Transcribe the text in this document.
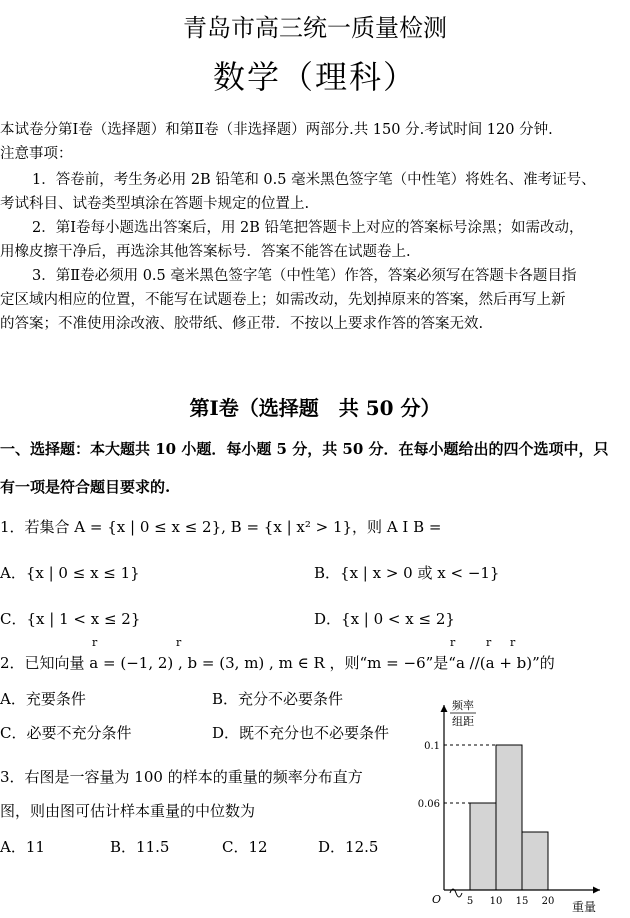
青岛市高三统一质量检测
数学（理科）
本试卷分第Ⅰ卷（选择题）和第Ⅱ卷（非选择题）两部分.共 150 分.考试时间 120 分钟.
注意事项：
1．答卷前，考生务必用 2B 铅笔和 0.5 毫米黑色签字笔（中性笔）将姓名、准考证号、
考试科目、试卷类型填涂在答题卡规定的位置上.
2．第Ⅰ卷每小题选出答案后，用 2B 铅笔把答题卡上对应的答案标号涂黑；如需改动，
用橡皮擦干净后，再选涂其他答案标号．答案不能答在试题卷上.
3．第Ⅱ卷必须用 0.5 毫米黑色签字笔（中性笔）作答，答案必须写在答题卡各题目指
定区域内相应的位置，不能写在试题卷上；如需改动，先划掉原来的答案，然后再写上新
的答案；不准使用涂改液、胶带纸、修正带．不按以上要求作答的答案无效.
第Ⅰ卷（选择题　共 50 分）
一、选择题：本大题共 10 小题．每小题 5 分，共 50 分．在每小题给出的四个选项中，只
有一项是符合题目要求的.
1．若集合 A = {x | 0 ≤ x ≤ 2}, B = {x | x² > 1}，则 A I B =
A．{x | 0 ≤ x ≤ 1}	B．{x | x > 0 或 x < −1}
C．{x | 1 < x ≤ 2}	D．{x | 0 < x ≤ 2}
r	r	r	r r
2．已知向量 a = (−1, 2) , b = (3, m) , m ∈ R ，则“m = −6”是“a //(a + b)”的
A．充要条件	B．充分不必要条件
C．必要不充分条件	D．既不充分也不必要条件
3．右图是一容量为 100 的样本的重量的频率分布直方
图，则由图可估计样本重量的中位数为
A．11	B．11.5	C．12	D．12.5
0.1
0.06
5 10 15 20
频率
组距
O
重量
